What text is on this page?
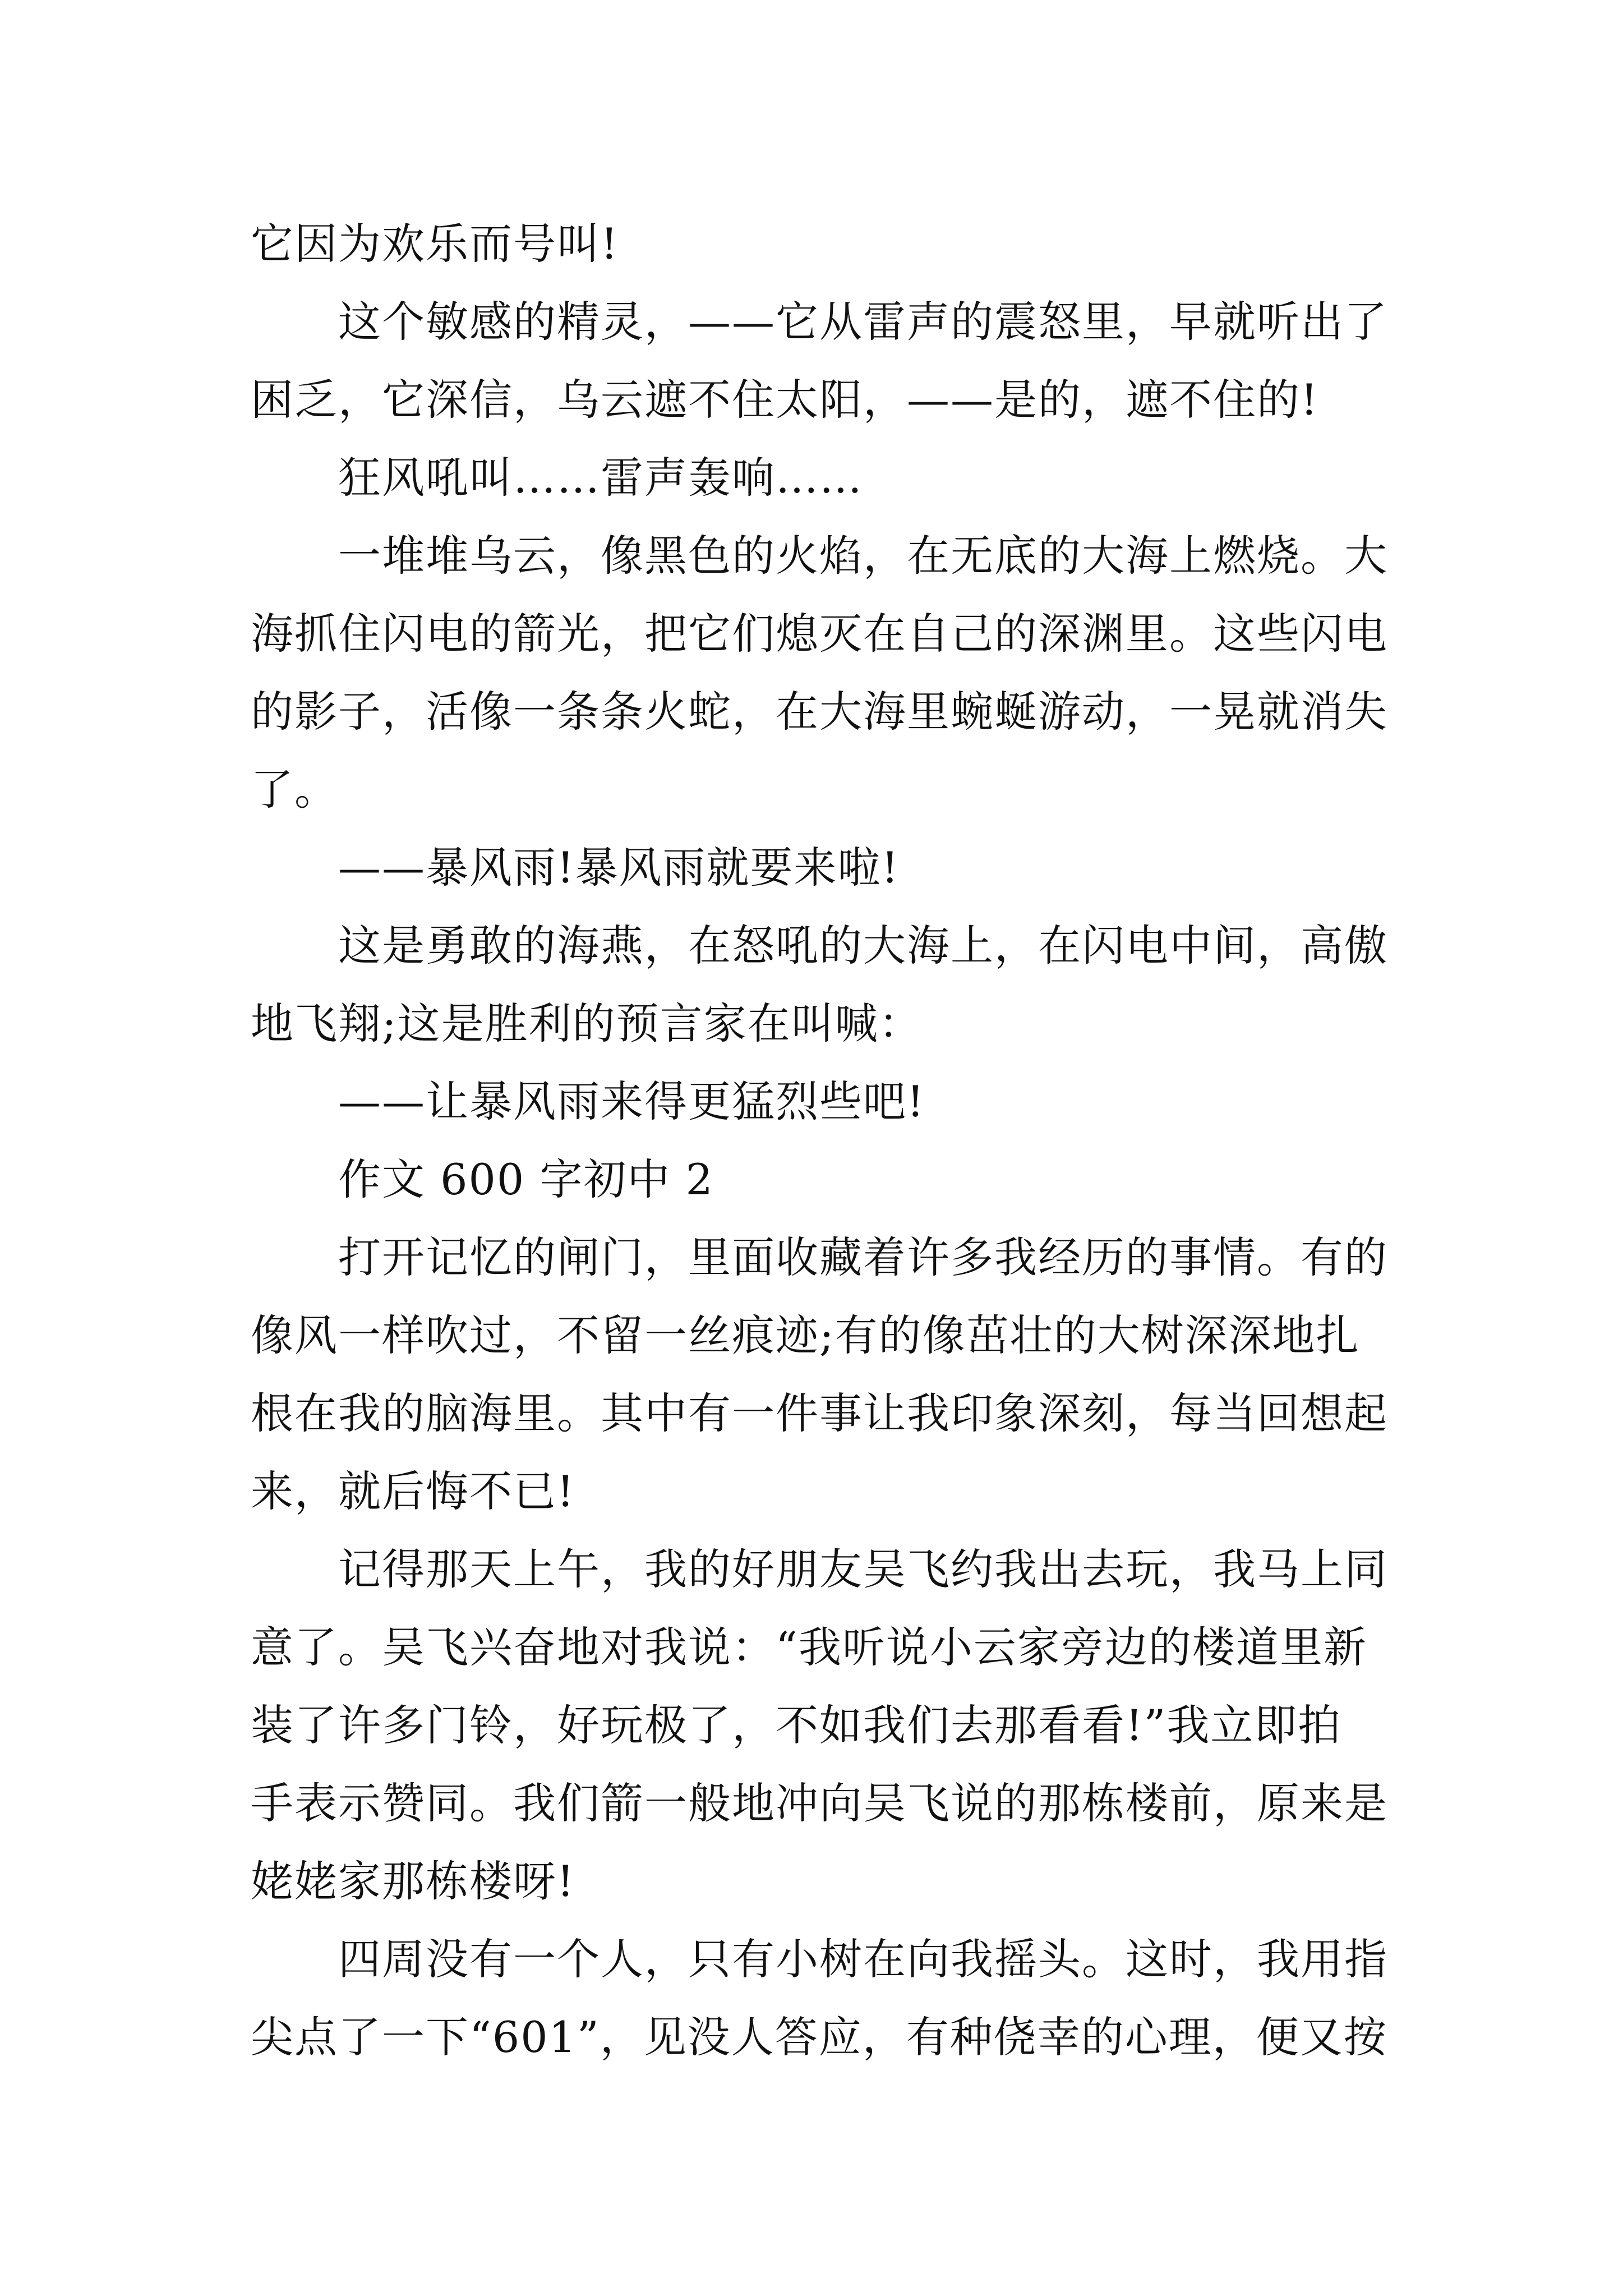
它因为欢乐而号叫!
这个敏感的精灵，——它从雷声的震怒里，早就听出了
困乏，它深信，乌云遮不住太阳，——是的，遮不住的!
狂风吼叫……雷声轰响……
一堆堆乌云，像黑色的火焰，在无底的大海上燃烧。大
海抓住闪电的箭光，把它们熄灭在自己的深渊里。这些闪电
的影子，活像一条条火蛇，在大海里蜿蜒游动，一晃就消失
了。
——暴风雨!暴风雨就要来啦!
这是勇敢的海燕，在怒吼的大海上，在闪电中间，高傲
地飞翔;这是胜利的预言家在叫喊：
——让暴风雨来得更猛烈些吧!
作文 600 字初中 2
打开记忆的闸门，里面收藏着许多我经历的事情。有的
像风一样吹过，不留一丝痕迹;有的像茁壮的大树深深地扎
根在我的脑海里。其中有一件事让我印象深刻，每当回想起
来，就后悔不已!
记得那天上午，我的好朋友吴飞约我出去玩，我马上同
意了。吴飞兴奋地对我说：“我听说小云家旁边的楼道里新
装了许多门铃，好玩极了，不如我们去那看看!”我立即拍
手表示赞同。我们箭一般地冲向吴飞说的那栋楼前，原来是
姥姥家那栋楼呀!
四周没有一个人，只有小树在向我摇头。这时，我用指
尖点了一下“601”，见没人答应，有种侥幸的心理，便又按
